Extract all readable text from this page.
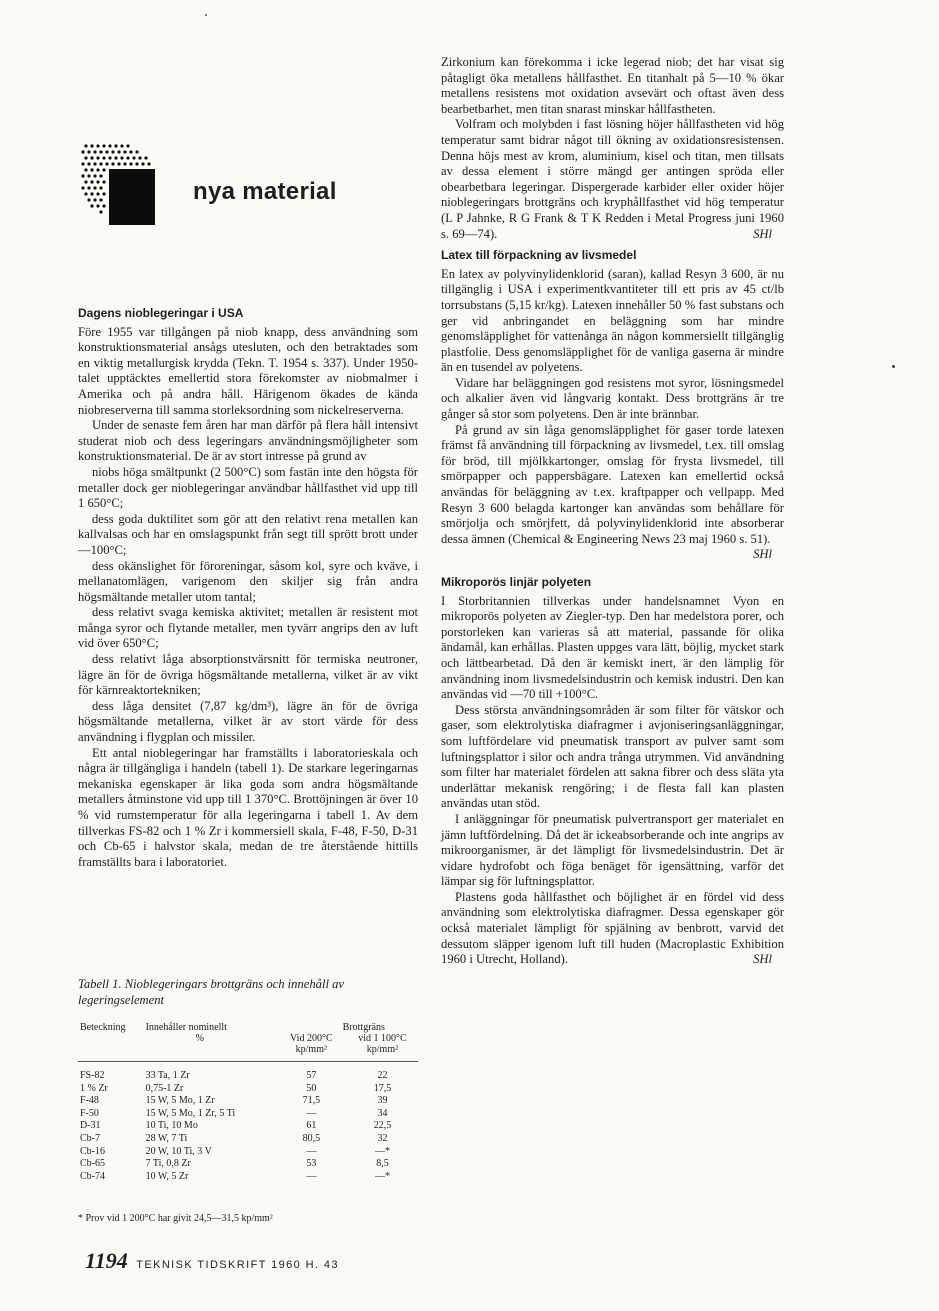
nya material
Dagens nioblegeringar i USA

Före 1955 var tillgången på niob knapp, dess användning som konstruktionsmaterial ansågs utesluten, och den betraktades som en viktig metallurgisk krydda (Tekn. T. 1954 s. 337). Under 1950-talet upptäcktes emellertid stora förekomster av niobmalmer i Amerika och på andra håll. Härigenom ökades de kända niobreserverna till samma storleksordning som nickelreserverna.

Under de senaste fem åren har man därför på flera håll intensivt studerat niob och dess legeringars användningsmöjligheter som konstruktionsmaterial. De är av stort intresse på grund av

niobs höga smältpunkt (2 500°C) som fastän inte den högsta för metaller dock ger nioblegeringar användbar hållfasthet vid upp till 1 650°C;

dess goda duktilitet som gör att den relativt rena metallen kan kallvalsas och har en omslagspunkt från segt till sprött brott under —100°C;

dess okänslighet för föroreningar, såsom kol, syre och kväve, i mellanatomlägen, varigenom den skiljer sig från andra högsmältande metaller utom tantal;

dess relativt svaga kemiska aktivitet; metallen är resistent mot många syror och flytande metaller, men tyvärr angrips den av luft vid över 650°C;

dess relativt låga absorptionstvärsnitt för termiska neutroner, lägre än för de övriga högsmältande metallerna, vilket är av vikt för kärnreaktortekniken;

dess låga densitet (7,87 kg/dm³), lägre än för de övriga högsmältande metallerna, vilket är av stort värde för dess användning i flygplan och missiler.

Ett antal nioblegeringar har framställts i laboratorieskala och några är tillgängliga i handeln (tabell 1). De starkare legeringarnas mekaniska egenskaper är lika goda som andra högsmältande metallers åtminstone vid upp till 1 370°C. Brottöjningen är över 10 % vid rumstemperatur för alla legeringarna i tabell 1. Av dem tillverkas FS-82 och 1 % Zr i kommersiell skala, F-48, F-50, D-31 och Cb-65 i halvstor skala, medan de tre återstående hittills framställts bara i laboratoriet.

Tabell 1. Nioblegeringars brottgräns och innehåll av legeringselement
Beteckning	Innehåller nominellt
%	Brottgräns
Vid 200°C
kp/mm²	vid 1 100°C
kp/mm²

FS-82	33 Ta, 1 Zr	57	22
1 % Zr	0,75-1 Zr	50	17,5
F-48	15 W, 5 Mo, 1 Zr	71,5	39
F-50	15 W, 5 Mo, 1 Zr, 5 Ti	—	34
D-31	10 Ti, 10 Mo	61	22,5
Cb-7	28 W, 7 Ti	80,5	32
Cb-16	20 W, 10 Ti, 3 V	—	—*
Cb-65	7 Ti, 0,8 Zr	53	8,5
Cb-74	10 W, 5 Zr	—	—*
* Prov vid 1 200°C har givit 24,5—31,5 kp/mm²

Zirkonium kan förekomma i icke legerad niob; det har visat sig påtagligt öka metallens hållfasthet. En titanhalt på 5—10 % ökar metallens resistens mot oxidation avsevärt och oftast även dess bearbetbarhet, men titan snarast minskar hållfastheten.

Volfram och molybden i fast lösning höjer hållfastheten vid hög temperatur samt bidrar något till ökning av oxidationsresistensen. Denna höjs mest av krom, aluminium, kisel och titan, men tillsats av dessa element i större mängd ger antingen spröda eller obearbetbara legeringar. Dispergerade karbider eller oxider höjer nioblegeringars brottgräns och kryphållfasthet vid hög temperatur (L P Jahnke, R G Frank & T K Redden i Metal Progress juni 1960 s. 69—74).	SHl

Latex till förpackning av livsmedel

En latex av polyvinylidenklorid (saran), kallad Resyn 3 600, är nu tillgänglig i USA i experimentkvantiteter till ett pris av 45 ct/lb torrsubstans (5,15 kr/kg). Latexen innehåller 50 % fast substans och ger vid anbringandet en beläggning som har mindre genomsläpplighet för vattenånga än någon kommersiellt tillgänglig plastfolie. Dess genomsläpplighet för de vanliga gaserna är mindre än en tusendel av polyetens.

Vidare har beläggningen god resistens mot syror, lösningsmedel och alkalier även vid långvarig kontakt. Dess brottgräns är tre gånger så stor som polyetens. Den är inte brännbar.

På grund av sin låga genomsläpplighet för gaser torde latexen främst få användning till förpackning av livsmedel, t.ex. till omslag för bröd, till mjölkkartonger, omslag för frysta livsmedel, till smörpapper och pappersbägare. Latexen kan emellertid också användas för beläggning av t.ex. kraftpapper och vellpapp. Med Resyn 3 600 belagda kartonger kan användas som behållare för smörjolja och smörjfett, då polyvinylidenklorid inte absorberar dessa ämnen (Chemical & Engineering News 23 maj 1960 s. 51).
SHl

Mikroporös linjär polyeten

I Storbritannien tillverkas under handelsnamnet Vyon en mikroporös polyeten av Ziegler-typ. Den har medelstora porer, och porstorleken kan varieras så att material, passande för olika ändamål, kan erhållas. Plasten uppges vara lätt, böjlig, mycket stark och lättbearbetad. Då den är kemiskt inert, är den lämplig för användning inom livsmedelsindustrin och kemisk industri. Den kan användas vid —70 till +100°C.

Dess största användningsområden är som filter för vätskor och gaser, som elektrolytiska diafragmer i avjoniseringsanläggningar, som luftfördelare vid pneumatisk transport av pulver samt som luftningsplattor i silor och andra trånga utrymmen. Vid användning som filter har materialet fördelen att sakna fibrer och dess släta yta underlättar mekanisk rengöring; i de flesta fall kan plasten användas utan stöd.

I anläggningar för pneumatisk pulvertransport ger materialet en jämn luftfördelning. Då det är ickeabsorberande och inte angrips av mikroorganismer, är det lämpligt för livsmedelsindustrin. Det är vidare hydrofobt och föga benäget för igensättning, varför det lämpar sig för luftningsplattor.

Plastens goda hållfasthet och böjlighet är en fördel vid dess användning som elektrolytiska diafragmer. Dessa egenskaper gör också materialet lämpligt för spjälning av benbrott, varvid det dessutom släpper igenom luft till huden (Macroplastic Exhibition 1960 i Utrecht, Holland).	SHl

1194 TEKNISK TIDSKRIFT 1960 H. 43
